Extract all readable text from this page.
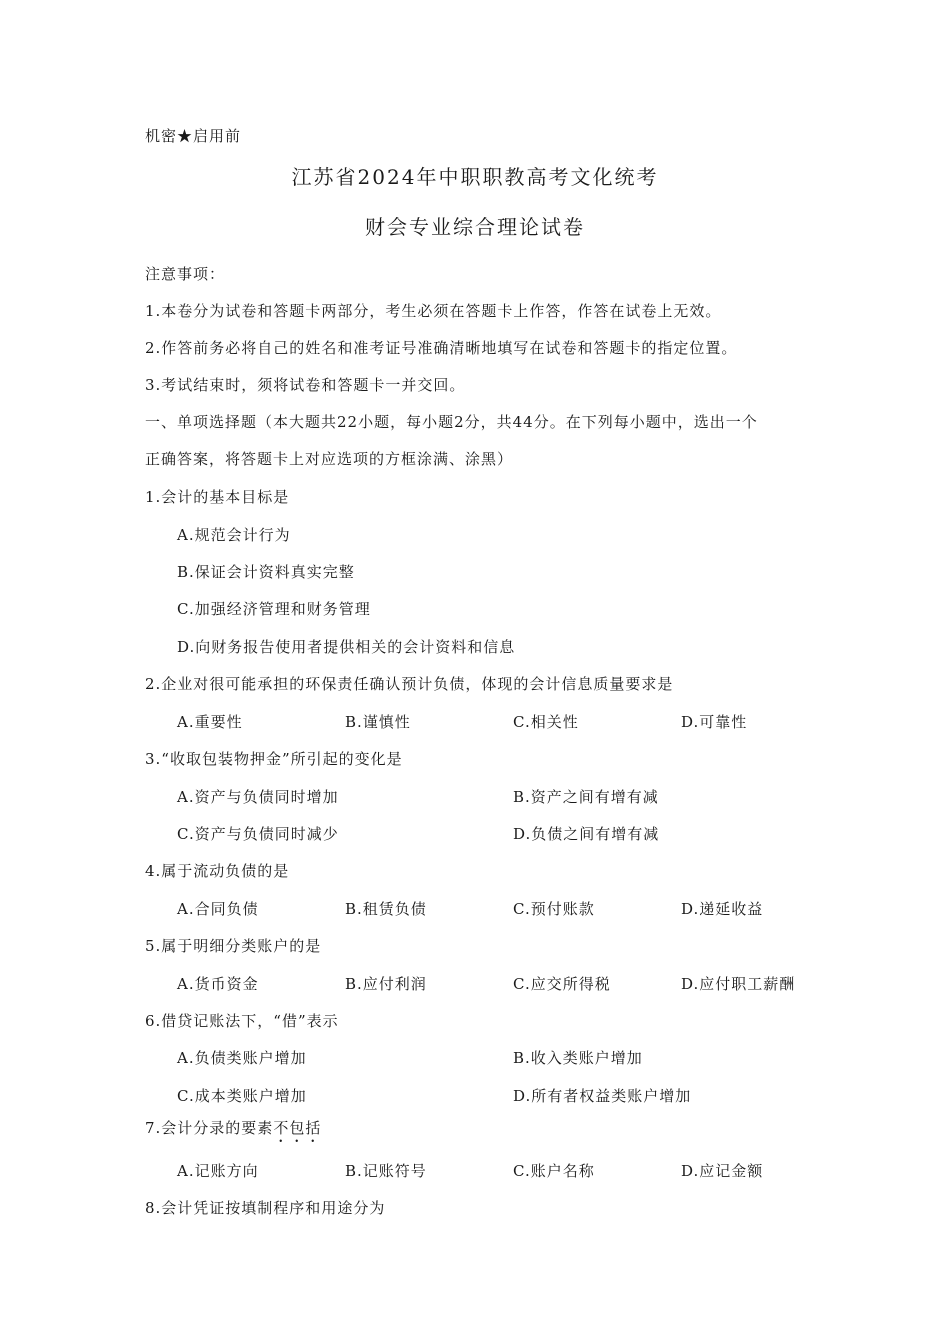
机密★启用前
江苏省2024年中职职教高考文化统考
财会专业综合理论试卷
注意事项：
1.本卷分为试卷和答题卡两部分，考生必须在答题卡上作答，作答在试卷上无效。
2.作答前务必将自己的姓名和准考证号准确清晰地填写在试卷和答题卡的指定位置。
3.考试结束时，须将试卷和答题卡一并交回。
一、单项选择题（本大题共22小题，每小题2分，共44分。在下列每小题中，选出一个
正确答案，将答题卡上对应选项的方框涂满、涂黑）
1.会计的基本目标是
A.规范会计行为
B.保证会计资料真实完整
C.加强经济管理和财务管理
D.向财务报告使用者提供相关的会计资料和信息
2.企业对很可能承担的环保责任确认预计负债，体现的会计信息质量要求是
A.重要性	B.谨慎性	C.相关性	D.可靠性
3.“收取包装物押金”所引起的变化是
A.资产与负债同时增加	B.资产之间有增有减
C.资产与负债同时减少	D.负债之间有增有减
4.属于流动负债的是
A.合同负债	B.租赁负债	C.预付账款	D.递延收益
5.属于明细分类账户的是
A.货币资金	B.应付利润	C.应交所得税	D.应付职工薪酬
6.借贷记账法下，“借”表示
A.负债类账户增加	B.收入类账户增加
C.成本类账户增加	D.所有者权益类账户增加
7.会计分录的要素不包括
A.记账方向	B.记账符号	C.账户名称	D.应记金额
8.会计凭证按填制程序和用途分为
